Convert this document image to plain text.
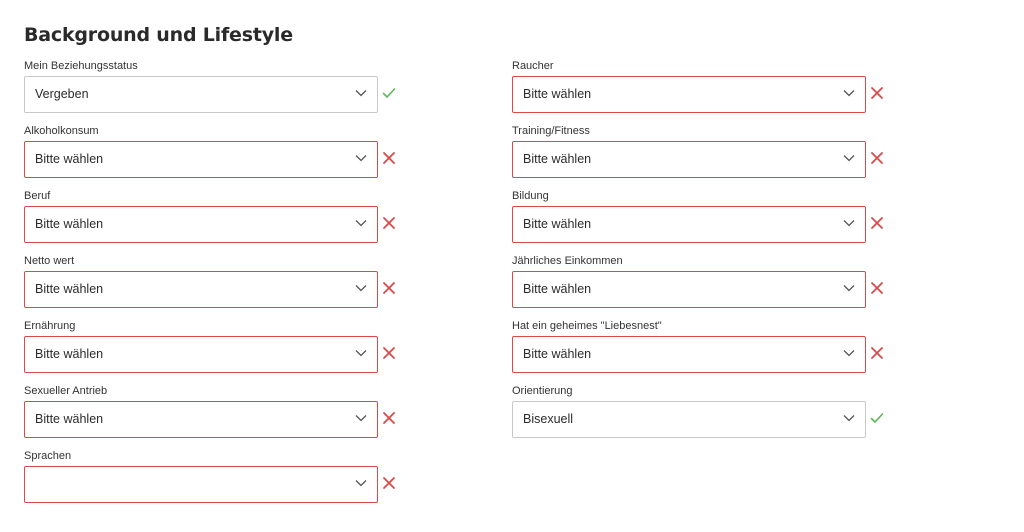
Background und Lifestyle
Mein Beziehungsstatus
Vergeben
Alkoholkonsum
Bitte wählen
Beruf
Bitte wählen
Netto wert
Bitte wählen
Ernährung
Bitte wählen
Sexueller Antrieb
Bitte wählen
Sprachen
Raucher
Bitte wählen
Training/Fitness
Bitte wählen
Bildung
Bitte wählen
Jährliches Einkommen
Bitte wählen
Hat ein geheimes "Liebesnest"
Bitte wählen
Orientierung
Bisexuell
